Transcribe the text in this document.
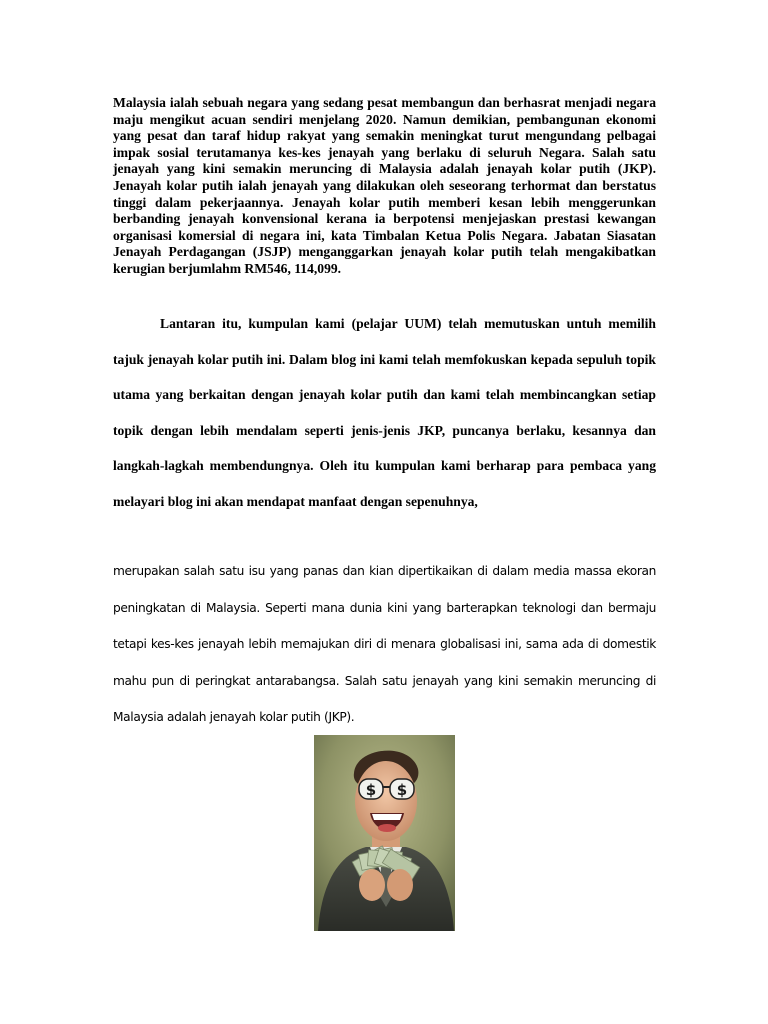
Malaysia ialah sebuah negara yang sedang pesat membangun dan berhasrat menjadi negara maju mengikut acuan sendiri menjelang 2020. Namun demikian, pembangunan ekonomi yang pesat dan taraf hidup rakyat yang semakin meningkat turut mengundang pelbagai impak sosial terutamanya kes-kes jenayah yang berlaku di seluruh Negara. Salah satu jenayah yang kini semakin meruncing di Malaysia adalah jenayah kolar putih (JKP). Jenayah kolar putih ialah jenayah yang dilakukan oleh seseorang terhormat dan berstatus tinggi dalam pekerjaannya. Jenayah kolar putih memberi kesan lebih menggerunkan berbanding jenayah konvensional kerana ia berpotensi menjejaskan prestasi kewangan organisasi komersial di negara ini, kata Timbalan Ketua Polis Negara. Jabatan Siasatan Jenayah Perdagangan (JSJP) menganggarkan jenayah kolar putih telah mengakibatkan kerugian berjumlahm RM546, 114,099.

Lantaran itu, kumpulan kami (pelajar UUM) telah memutuskan untuh memilih tajuk jenayah kolar putih ini. Dalam blog ini kami telah memfokuskan kepada sepuluh topik utama yang berkaitan dengan jenayah kolar putih dan kami telah membincangkan setiap topik dengan lebih mendalam seperti jenis-jenis JKP, puncanya berlaku, kesannya dan langkah-lagkah membendungnya. Oleh itu kumpulan kami berharap para pembaca yang melayari blog ini akan mendapat manfaat dengan sepenuhnya,

merupakan salah satu isu yang panas dan kian dipertikaikan di dalam media massa ekoran peningkatan di Malaysia. Seperti mana dunia kini yang barterapkan teknologi dan bermaju tetapi kes-kes jenayah lebih memajukan diri di menara globalisasi ini, sama ada di domestik mahu pun di peringkat antarabangsa. Salah satu jenayah yang kini semakin meruncing di Malaysia adalah jenayah kolar putih (JKP).

$ $
